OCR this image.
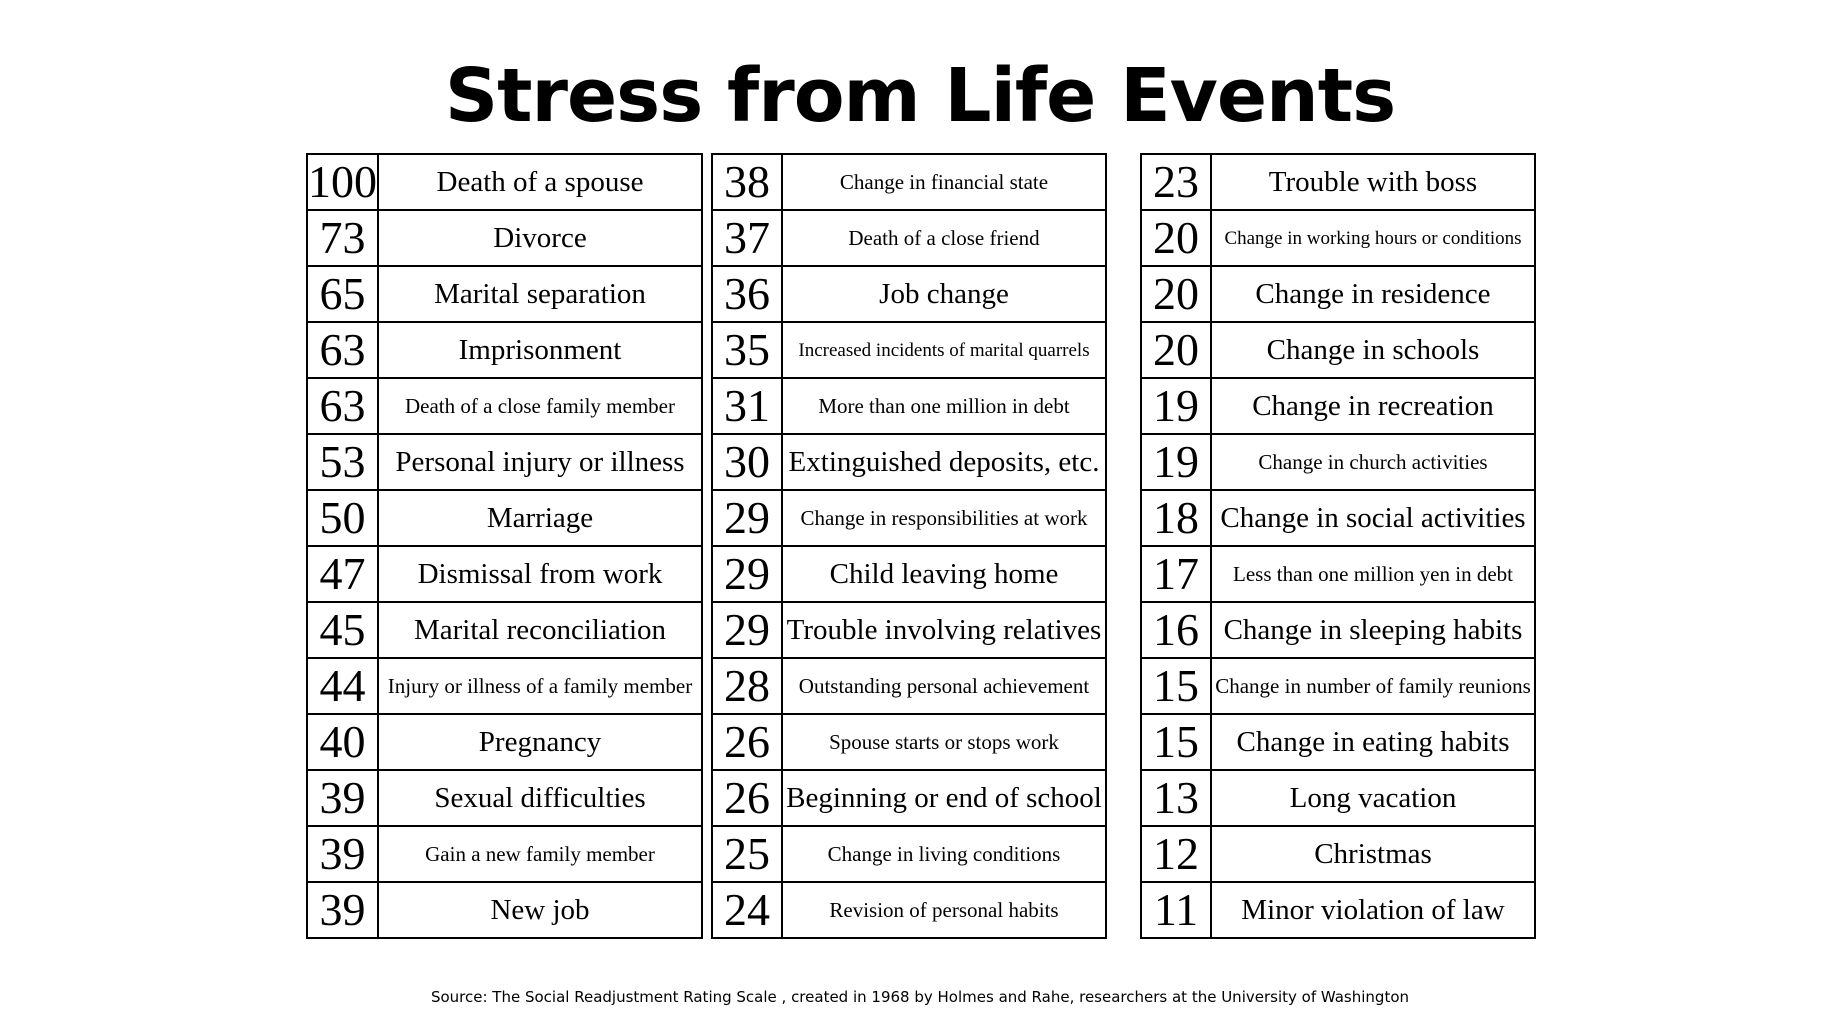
Stress from Life Events
100	Death of a spouse
73	Divorce
65	Marital separation
63	Imprisonment
63	Death of a close family member
53	Personal injury or illness
50	Marriage
47	Dismissal from work
45	Marital reconciliation
44	Injury or illness of a family member
40	Pregnancy
39	Sexual difficulties
39	Gain a new family member
39	New job
38	Change in financial state
37	Death of a close friend
36	Job change
35	Increased incidents of marital quarrels
31	More than one million in debt
30	Extinguished deposits, etc.
29	Change in responsibilities at work
29	Child leaving home
29	Trouble involving relatives
28	Outstanding personal achievement
26	Spouse starts or stops work
26	Beginning or end of school
25	Change in living conditions
24	Revision of personal habits
23	Trouble with boss
20	Change in working hours or conditions
20	Change in residence
20	Change in schools
19	Change in recreation
19	Change in church activities
18	Change in social activities
17	Less than one million yen in debt
16	Change in sleeping habits
15	Change in number of family reunions
15	Change in eating habits
13	Long vacation
12	Christmas
11	Minor violation of law
Source: The Social Readjustment Rating Scale , created in 1968 by Holmes and Rahe, researchers at the University of Washington
